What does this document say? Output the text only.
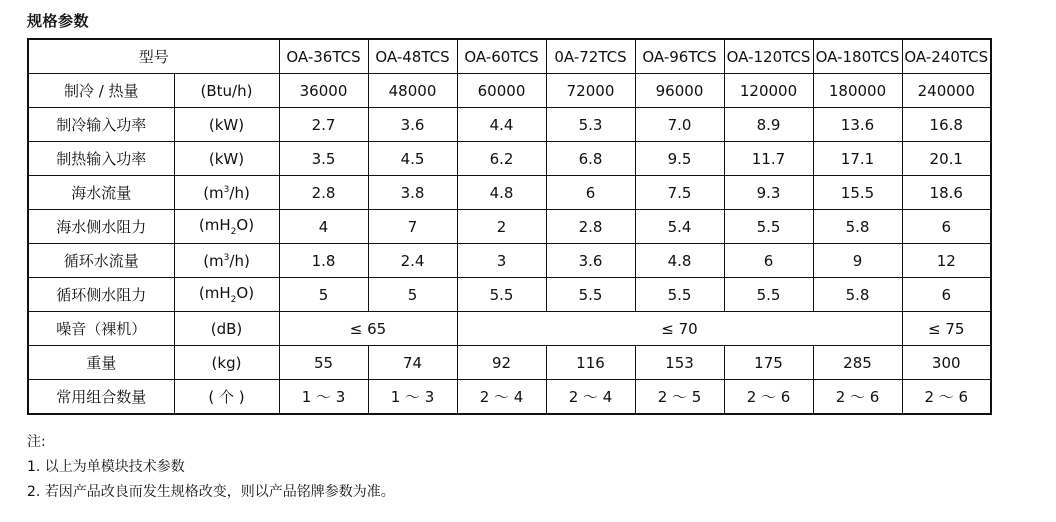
规格参数
型号		OA-36TCS	OA-48TCS	OA-60TCS	0A-72TCS	OA-96TCS	OA-120TCS	OA-180TCS	OA-240TCS
制冷 / 热量	(Btu/h)	36000	48000	60000	72000	96000	120000	180000	240000
制冷输入功率	(kW)	2.7	3.6	4.4	5.3	7.0	8.9	13.6	16.8
制热输入功率	(kW)	3.5	4.5	6.2	6.8	9.5	11.7	17.1	20.1
海水流量	$(m^3/h)$	2.8	3.8	4.8	6	7.5	9.3	15.5	18.6
海水侧水阻力	$(mH_2O)$	4	7	2	2.8	5.4	5.5	5.8	6
循环水流量	$(m^3/h)$	1.8	2.4	3	3.6	4.8	6	9	12
循环侧水阻力	$(mH_2O)$	5	5	5.5	5.5	5.5	5.5	5.8	6
噪音（裸机）	(dB)	≤ 65		≤ 70					≤ 75
重量	(kg)	55	74	92	116	153	175	285	300
常用组合数量	( 个 )	1 ～ 3	1 ～ 3	2 ～ 4	2 ～ 4	2 ～ 5	2 ～ 6	2 ～ 6	2 ～ 6
注:
1. 以上为单模块技术参数
2. 若因产品改良而发生规格改变，则以产品铭牌参数为准。
